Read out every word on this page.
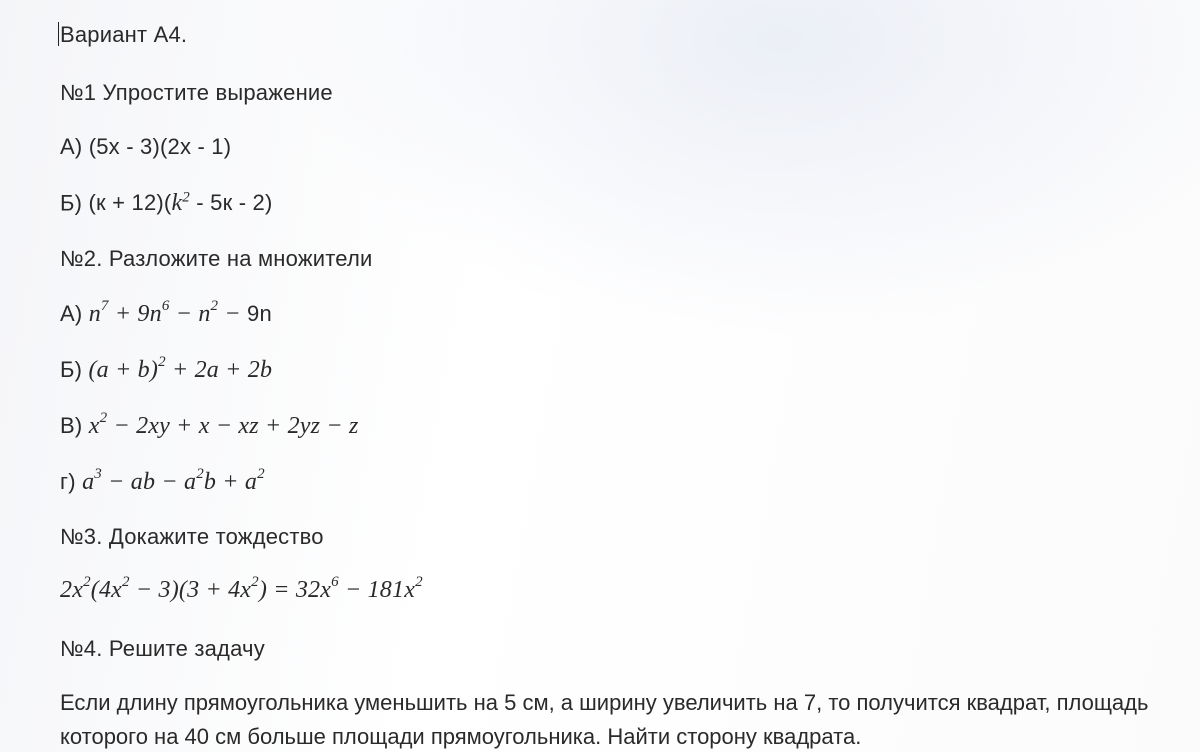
Вариант А4.
№1 Упростите выражение
А) (5x - 3)(2x - 1)
Б) $(к + 12)(k^2 - 5к - 2)$
№2. Разложите на множители
А) $n^7 + 9n^6 - n^2 - 9n$
Б) $(a + b)^2 + 2a + 2b$
В) $x^2 - 2xy + x$ − xz + 2yz − z
г) $a^3$ − ab − $a^2b + a^2$
№3. Докажите тождество
$2x^2(4x^2 - 3)(3 + 4x^2) = 32x^6 - 181x^2$
№4. Решите задачу
Если длину прямоугольника уменьшить на 5 см, а ширину увеличить на 7, то получится квадрат, площадь которого на 40 см больше площади прямоугольника. Найти сторону квадрата.
